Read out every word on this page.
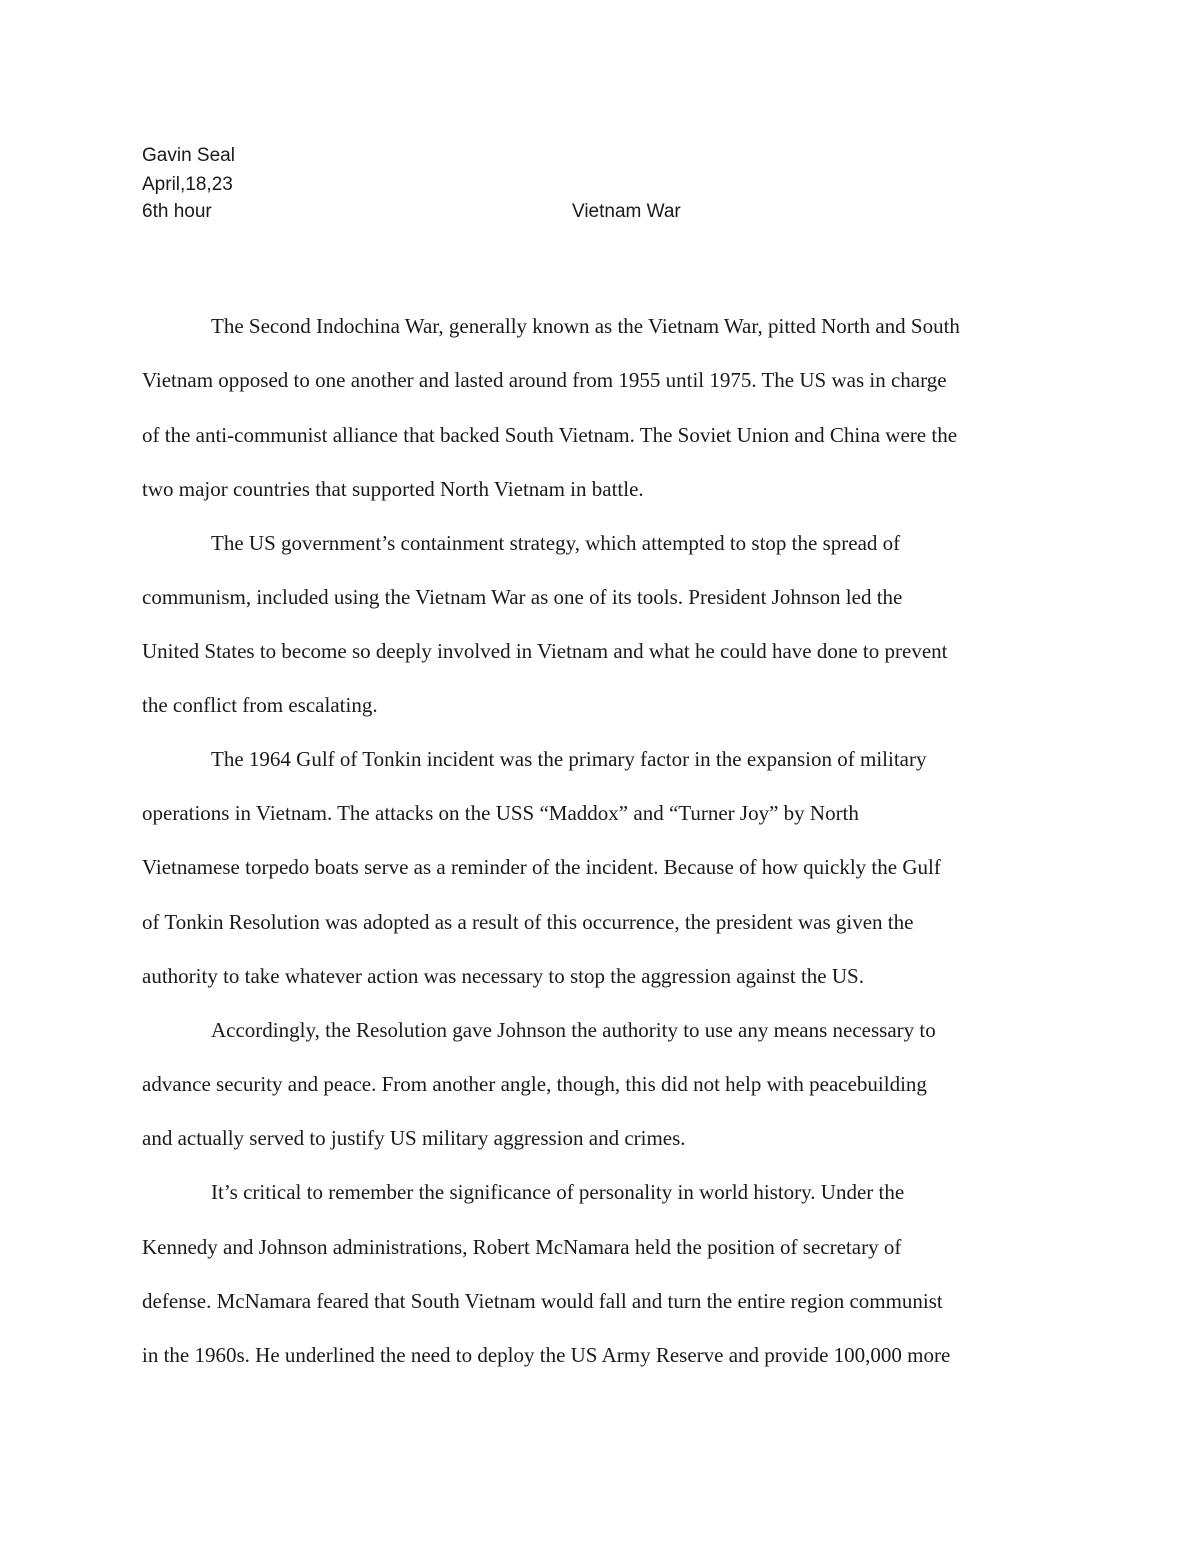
Gavin Seal
April,18,23
6th hour	Vietnam War
The Second Indochina War, generally known as the Vietnam War, pitted North and South
Vietnam opposed to one another and lasted around from 1955 until 1975. The US was in charge
of the anti-communist alliance that backed South Vietnam. The Soviet Union and China were the
two major countries that supported North Vietnam in battle.
The US government’s containment strategy, which attempted to stop the spread of
communism, included using the Vietnam War as one of its tools. President Johnson led the
United States to become so deeply involved in Vietnam and what he could have done to prevent
the conflict from escalating.
The 1964 Gulf of Tonkin incident was the primary factor in the expansion of military
operations in Vietnam. The attacks on the USS “Maddox” and “Turner Joy” by North
Vietnamese torpedo boats serve as a reminder of the incident. Because of how quickly the Gulf
of Tonkin Resolution was adopted as a result of this occurrence, the president was given the
authority to take whatever action was necessary to stop the aggression against the US.
Accordingly, the Resolution gave Johnson the authority to use any means necessary to
advance security and peace. From another angle, though, this did not help with peacebuilding
and actually served to justify US military aggression and crimes.
It’s critical to remember the significance of personality in world history. Under the
Kennedy and Johnson administrations, Robert McNamara held the position of secretary of
defense. McNamara feared that South Vietnam would fall and turn the entire region communist
in the 1960s. He underlined the need to deploy the US Army Reserve and provide 100,000 more
